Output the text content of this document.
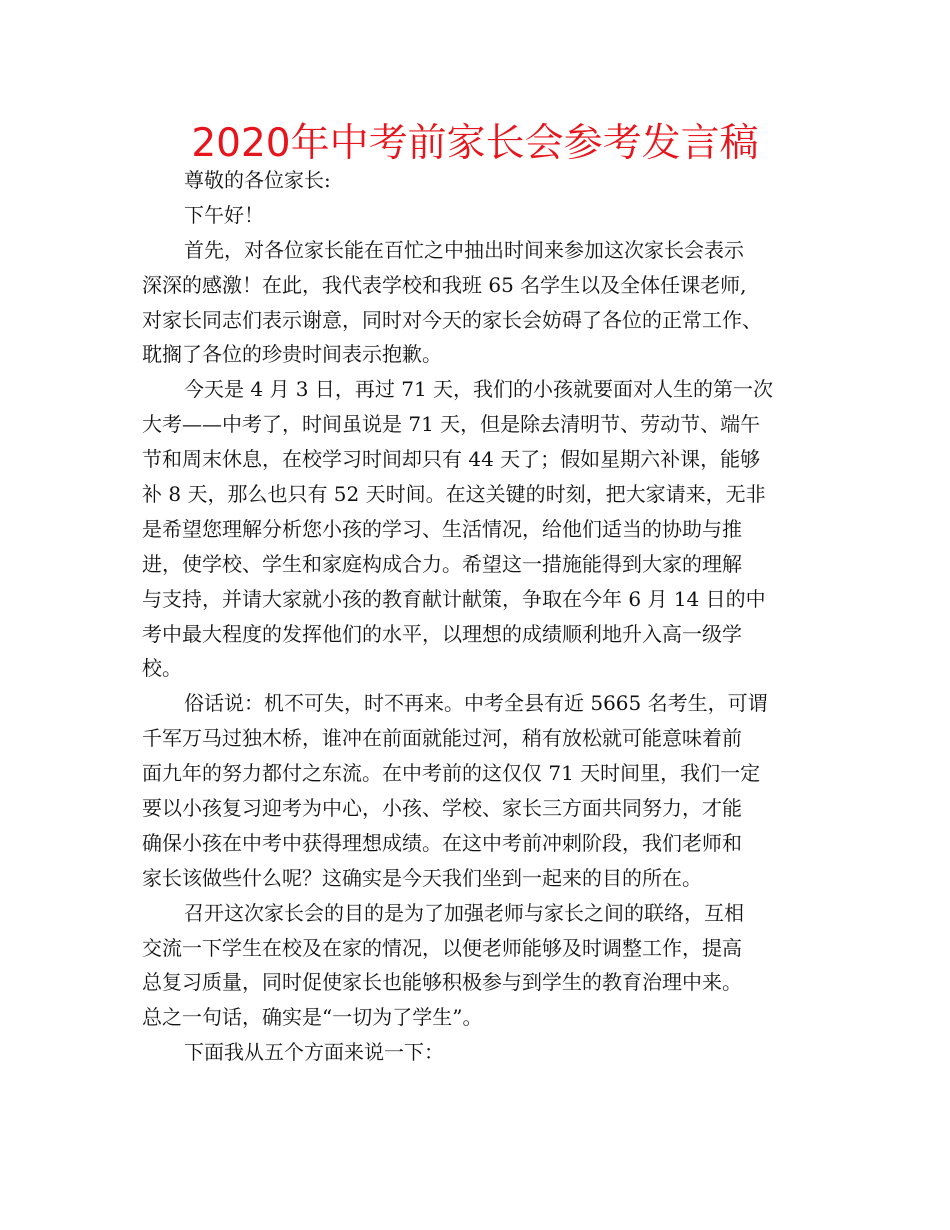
2020年中考前家长会参考发言稿
尊敬的各位家长:
下午好！
首先，对各位家长能在百忙之中抽出时间来参加这次家长会表示
深深的感激！在此，我代表学校和我班 65 名学生以及全体任课老师,
对家长同志们表示谢意，同时对今天的家长会妨碍了各位的正常工作、
耽搁了各位的珍贵时间表示抱歉。
今天是 4 月 3 日，再过 71 天，我们的小孩就要面对人生的第一次
大考——中考了，时间虽说是 71 天，但是除去清明节、劳动节、端午
节和周末休息，在校学习时间却只有 44 天了；假如星期六补课，能够
补 8 天，那么也只有 52 天时间。在这关键的时刻，把大家请来，无非
是希望您理解分析您小孩的学习、生活情况，给他们适当的协助与推
进，使学校、学生和家庭构成合力。希望这一措施能得到大家的理解
与支持，并请大家就小孩的教育献计献策，争取在今年 6 月 14 日的中
考中最大程度的发挥他们的水平，以理想的成绩顺利地升入高一级学
校。
俗话说：机不可失，时不再来。中考全县有近 5665 名考生，可谓
千军万马过独木桥，谁冲在前面就能过河，稍有放松就可能意味着前
面九年的努力都付之东流。在中考前的这仅仅 71 天时间里，我们一定
要以小孩复习迎考为中心，小孩、学校、家长三方面共同努力，才能
确保小孩在中考中获得理想成绩。在这中考前冲刺阶段，我们老师和
家长该做些什么呢？这确实是今天我们坐到一起来的目的所在。
召开这次家长会的目的是为了加强老师与家长之间的联络，互相
交流一下学生在校及在家的情况，以便老师能够及时调整工作，提高
总复习质量，同时促使家长也能够积极参与到学生的教育治理中来。
总之一句话，确实是“一切为了学生”。
下面我从五个方面来说一下：
